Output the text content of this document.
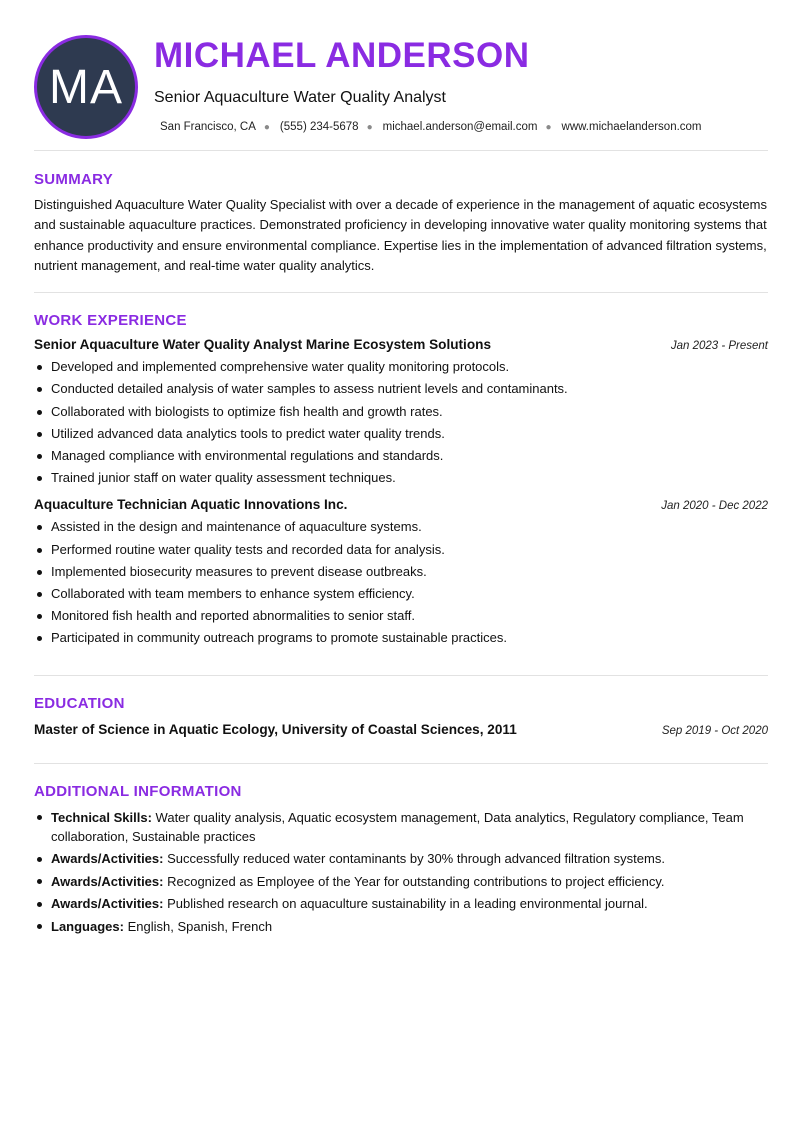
MA
MICHAEL ANDERSON
Senior Aquaculture Water Quality Analyst
San Francisco, CA ● (555) 234-5678 ● michael.anderson@email.com ● www.michaelanderson.com
SUMMARY

Distinguished Aquaculture Water Quality Specialist with over a decade of experience in the management of aquatic ecosystems and sustainable aquaculture practices. Demonstrated proficiency in developing innovative water quality monitoring systems that enhance productivity and ensure environmental compliance. Expertise lies in the implementation of advanced filtration systems, nutrient management, and real-time water quality analytics.

WORK EXPERIENCE
Senior Aquaculture Water Quality Analyst Marine Ecosystem Solutions	Jan 2023 - Present
Developed and implemented comprehensive water quality monitoring protocols.
Conducted detailed analysis of water samples to assess nutrient levels and contaminants.
Collaborated with biologists to optimize fish health and growth rates.
Utilized advanced data analytics tools to predict water quality trends.
Managed compliance with environmental regulations and standards.
Trained junior staff on water quality assessment techniques.
Aquaculture Technician Aquatic Innovations Inc.	Jan 2020 - Dec 2022
Assisted in the design and maintenance of aquaculture systems.
Performed routine water quality tests and recorded data for analysis.
Implemented biosecurity measures to prevent disease outbreaks.
Collaborated with team members to enhance system efficiency.
Monitored fish health and reported abnormalities to senior staff.
Participated in community outreach programs to promote sustainable practices.
EDUCATION
Master of Science in Aquatic Ecology, University of Coastal Sciences, 2011	Sep 2019 - Oct 2020
ADDITIONAL INFORMATION
Technical Skills: Water quality analysis, Aquatic ecosystem management, Data analytics, Regulatory compliance, Team collaboration, Sustainable practices
Awards/Activities: Successfully reduced water contaminants by 30% through advanced filtration systems.
Awards/Activities: Recognized as Employee of the Year for outstanding contributions to project efficiency.
Awards/Activities: Published research on aquaculture sustainability in a leading environmental journal.
Languages: English, Spanish, French
